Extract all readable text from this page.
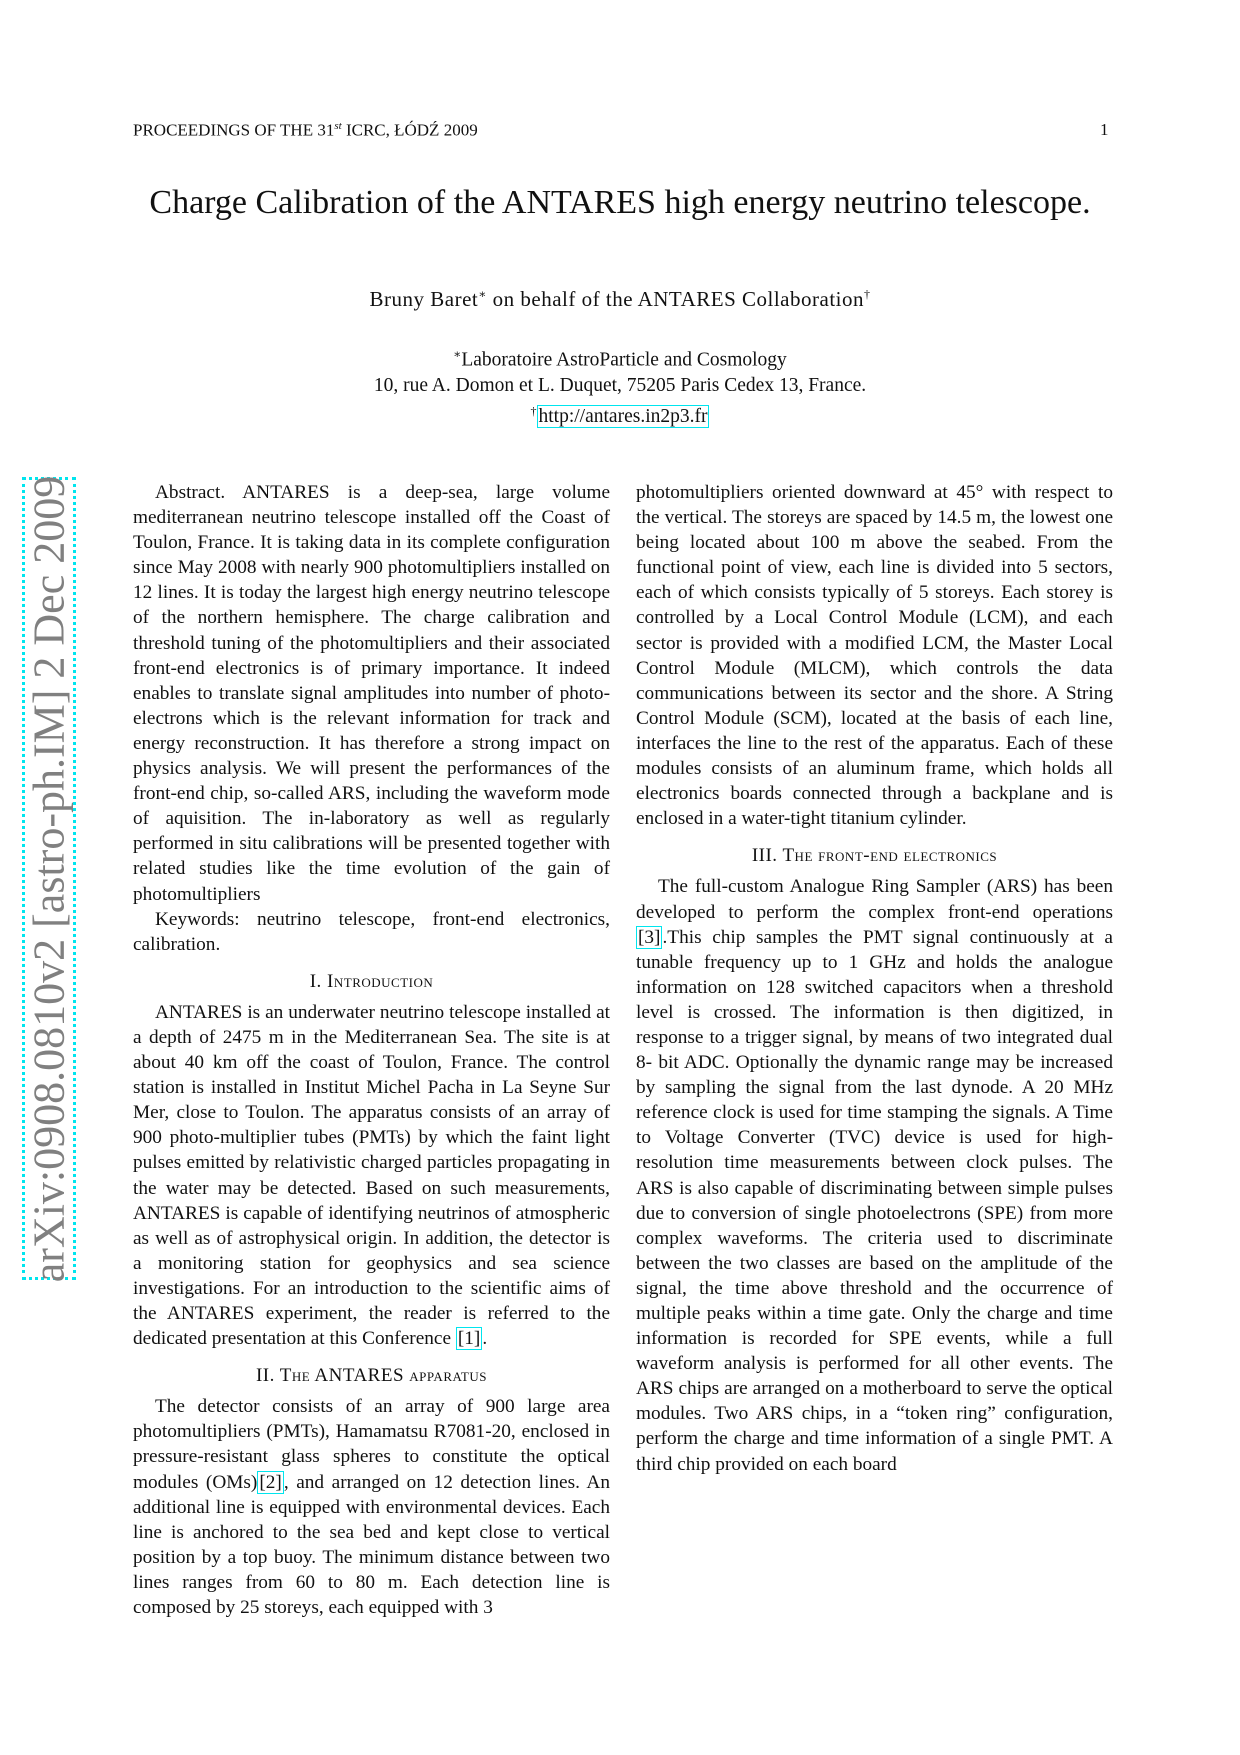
PROCEEDINGS OF THE 31st ICRC, ŁÓDŹ 2009	1
arXiv:0908.0810v2 [astro-ph.IM] 2 Dec 2009
Charge Calibration of the ANTARES high energy neutrino telescope.
Bruny Baret∗ on behalf of the ANTARES Collaboration†
∗Laboratoire AstroParticle and Cosmology
10, rue A. Domon et L. Duquet, 75205 Paris Cedex 13, France.
† http://antares.in2p3.fr

Abstract. ANTARES is a deep-sea, large volume mediterranean neutrino telescope installed off the Coast of Toulon, France. It is taking data in its complete configuration since May 2008 with nearly 900 photomultipliers installed on 12 lines. It is today the largest high energy neutrino telescope of the northern hemisphere. The charge calibration and threshold tuning of the photomultipliers and their associated front-end electronics is of primary importance. It indeed enables to translate signal amplitudes into number of photo-electrons which is the relevant information for track and energy reconstruction. It has therefore a strong impact on physics analysis. We will present the performances of the front-end chip, so-called ARS, including the waveform mode of aquisition. The in-laboratory as well as regularly performed in situ calibrations will be presented together with related studies like the time evolution of the gain of photomultipliers

Keywords: neutrino telescope, front-end electronics, calibration.

I. Introduction

ANTARES is an underwater neutrino telescope installed at a depth of 2475 m in the Mediterranean Sea. The site is at about 40 km off the coast of Toulon, France. The control station is installed in Institut Michel Pacha in La Seyne Sur Mer, close to Toulon. The apparatus consists of an array of 900 photo-multiplier tubes (PMTs) by which the faint light pulses emitted by relativistic charged particles propagating in the water may be detected. Based on such measurements, ANTARES is capable of identifying neutrinos of atmospheric as well as of astrophysical origin. In addition, the detector is a monitoring station for geophysics and sea science investigations. For an introduction to the scientific aims of the ANTARES experiment, the reader is referred to the dedicated presentation at this Conference [1] .

II. The ANTARES apparatus

The detector consists of an array of 900 large area photomultipliers (PMTs), Hamamatsu R7081-20, enclosed in pressure-resistant glass spheres to constitute the optical modules (OMs) [2] , and arranged on 12 detection lines. An additional line is equipped with environmental devices. Each line is anchored to the sea bed and kept close to vertical position by a top buoy. The minimum distance between two lines ranges from 60 to 80 m. Each detection line is composed by 25 storeys, each equipped with 3

photomultipliers oriented downward at 45° with respect to the vertical. The storeys are spaced by 14.5 m, the lowest one being located about 100 m above the seabed. From the functional point of view, each line is divided into 5 sectors, each of which consists typically of 5 storeys. Each storey is controlled by a Local Control Module (LCM), and each sector is provided with a modified LCM, the Master Local Control Module (MLCM), which controls the data communications between its sector and the shore. A String Control Module (SCM), located at the basis of each line, interfaces the line to the rest of the apparatus. Each of these modules consists of an aluminum frame, which holds all electronics boards connected through a backplane and is enclosed in a water-tight titanium cylinder.

III. The front-end electronics

The full-custom Analogue Ring Sampler (ARS) has been developed to perform the complex front-end operations [3] .This chip samples the PMT signal continuously at a tunable frequency up to 1 GHz and holds the analogue information on 128 switched capacitors when a threshold level is crossed. The information is then digitized, in response to a trigger signal, by means of two integrated dual 8- bit ADC. Optionally the dynamic range may be increased by sampling the signal from the last dynode. A 20 MHz reference clock is used for time stamping the signals. A Time to Voltage Converter (TVC) device is used for high-resolution time measurements between clock pulses. The ARS is also capable of discriminating between simple pulses due to conversion of single photoelectrons (SPE) from more complex waveforms. The criteria used to discriminate between the two classes are based on the amplitude of the signal, the time above threshold and the occurrence of multiple peaks within a time gate. Only the charge and time information is recorded for SPE events, while a full waveform analysis is performed for all other events. The ARS chips are arranged on a motherboard to serve the optical modules. Two ARS chips, in a “token ring” configuration, perform the charge and time information of a single PMT. A third chip provided on each board
